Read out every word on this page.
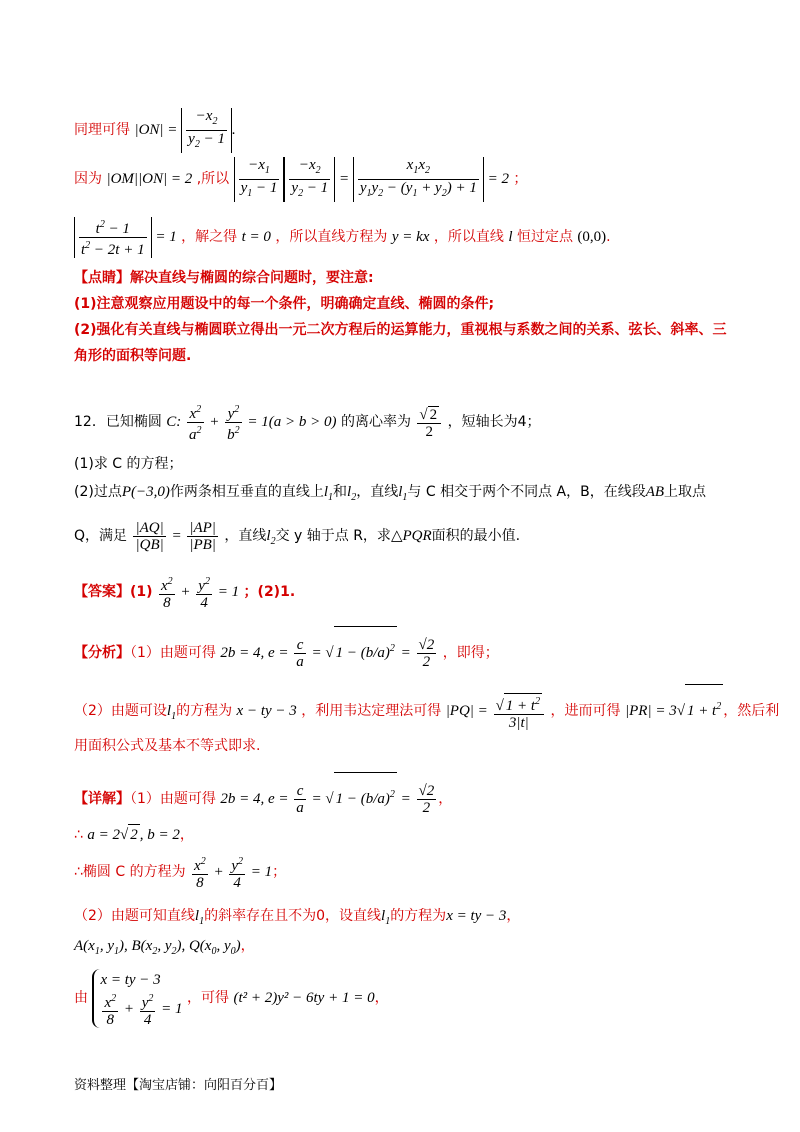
同理可得 $|ON| = \frac{-x_2}{y_2 - 1}$ .
因为 |OM||ON| = 2 ,所以 $\frac{-x_1}{y_1 - 1} \frac{-x_2}{y_2 - 1} = \frac{x_1x_2}{y_1y_2 - (y_1 + y_2) + 1} = 2$ ；
$\frac{t^2 - 1}{t^2 - 2t + 1} = 1$ ，解之得 t = 0 ，所以直线方程为 y = kx ，所以直线 l 恒过定点 (0,0).
【点睛】解决直线与椭圆的综合问题时，要注意:
(1)注意观察应用题设中的每一个条件，明确确定直线、椭圆的条件;
(2)强化有关直线与椭圆联立得出一元二次方程后的运算能力，重视根与系数之间的关系、弦长、斜率、三
角形的面积等问题.
12．已知椭圆 C: $\frac{x^2}{a^2} + \frac{y^2}{b^2} = 1(a > b > 0)$ 的离心率为 $\frac{√ 2}{2}$ ，短轴长为4；
(1)求 C 的方程；
(2)过点P(−3,0)作两条相互垂直的直线上$l_1$和$l_2$，直线$l_1$与 C 相交于两个不同点 A，B，在线段AB上取点
Q，满足 $\frac{|AQ|}{|QB|} = \frac{|AP|}{|PB|}$ ，直线$l_2$交 y 轴于点 R，求△PQR面积的最小值.
【答案】$(1) \frac{x^2}{8} + \frac{y^2}{4} = 1$ ；(2)1.
【分析】（1）由题可得 2b = 4, $e = \frac{c}{a}$ = √ $1 - (b/a)^2 = \frac{√2}{2}$ ，即得；
（2）由题可设$l_1$的方程为 x − ty − 3 ，利用韦达定理法可得 $|PQ| = \frac{√ 1 + t^2}{3|t|}$ ，进而可得 |PR| = 3√ $1 + t^2$ ，然后利
用面积公式及基本不等式即求.
【详解】（1）由题可得 2b = 4, $e = \frac{c}{a}$ = √ $1 - (b/a)^2 = \frac{√2}{2}$ ，
∴ a = 2√ 2 , b = 2，
∴椭圆 C 的方程为 $\frac{x^2}{8} + \frac{y^2}{4} = 1$；
（2）由题可知直线$l_1$的斜率存在且不为0，设直线$l_1$的方程为x = ty − 3，
$A(x_1$, $y_1$), $B(x_2$, $y_2$), $Q(x_0$, $y_0$)，
由
x = ty − 3
$\frac{x^2}{8} + \frac{y^2}{4} = 1$
，可得 (t² + 2)y² − 6ty + 1 = 0，
资料整理【淘宝店铺：向阳百分百】
